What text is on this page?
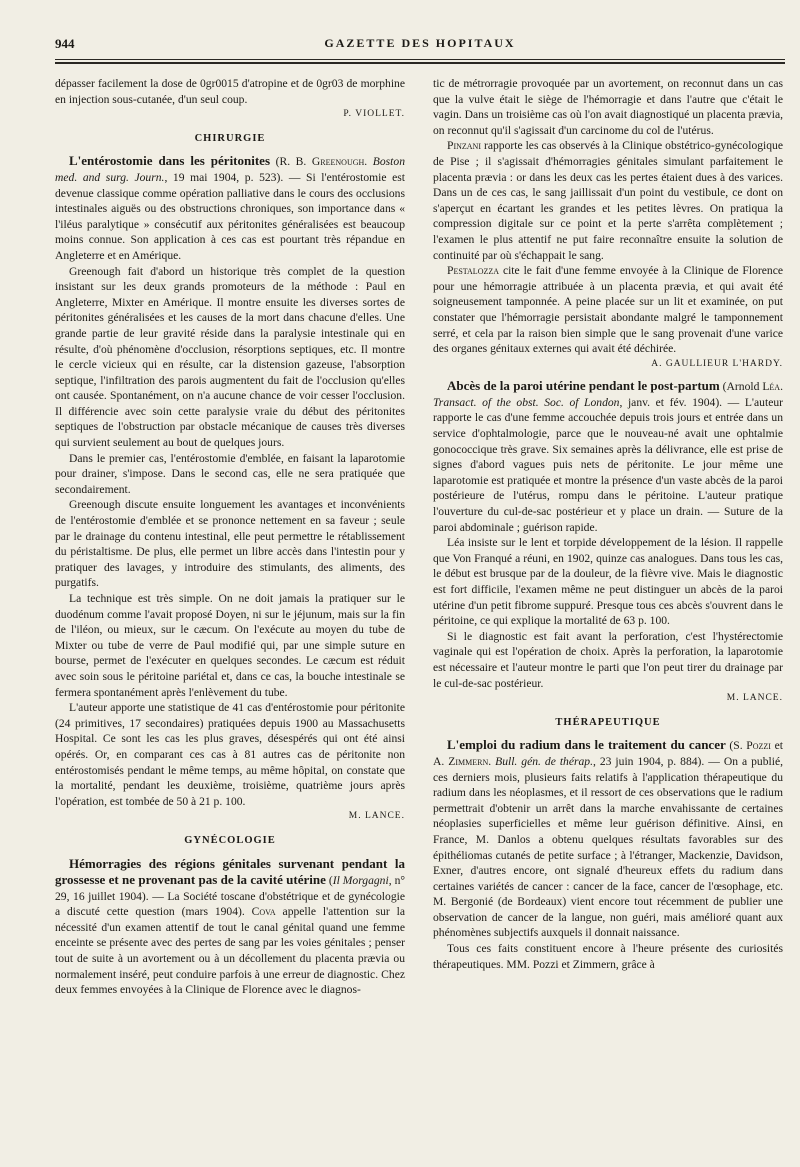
944	GAZETTE DES HOPITAUX

dépasser facilement la dose de 0gr0015 d'atropine et de 0gr03 de morphine en injection sous-cutanée, d'un seul coup.

P. VIOLLET.

CHIRURGIE

L'entérostomie dans les péritonites (R. B. Greenough. Boston med. and surg. Journ., 19 mai 1904, p. 523). — Si l'entérostomie est devenue classique comme opération palliative dans le cours des occlusions intestinales aiguës ou des obstructions chroniques, son importance dans « l'iléus paralytique » consécutif aux péritonites généralisées est beaucoup moins connue. Son application à ces cas est pourtant très répandue en Angleterre et en Amérique.

Greenough fait d'abord un historique très complet de la question insistant sur les deux grands promoteurs de la méthode : Paul en Angleterre, Mixter en Amérique. Il montre ensuite les diverses sortes de péritonites généralisées et les causes de la mort dans chacune d'elles. Une grande partie de leur gravité réside dans la paralysie intestinale qui en résulte, d'où phénomène d'occlusion, résorptions septiques, etc. Il montre le cercle vicieux qui en résulte, car la distension gazeuse, l'absorption septique, l'infiltration des parois augmentent du fait de l'occlusion qu'elles ont causée. Spontanément, on n'a aucune chance de voir cesser l'occlusion. Il différencie avec soin cette paralysie vraie du début des péritonites septiques de l'obstruction par obstacle mécanique de causes très diverses qui survient seulement au bout de quelques jours.

Dans le premier cas, l'entérostomie d'emblée, en faisant la laparotomie pour drainer, s'impose. Dans le second cas, elle ne sera pratiquée que secondairement.

Greenough discute ensuite longuement les avantages et inconvénients de l'entérostomie d'emblée et se prononce nettement en sa faveur ; seule par le drainage du contenu intestinal, elle peut permettre le rétablissement du péristaltisme. De plus, elle permet un libre accès dans l'intestin pour y pratiquer des lavages, y introduire des stimulants, des aliments, des purgatifs.

La technique est très simple. On ne doit jamais la pratiquer sur le duodénum comme l'avait proposé Doyen, ni sur le jéjunum, mais sur la fin de l'iléon, ou mieux, sur le cæcum. On l'exécute au moyen du tube de Mixter ou tube de verre de Paul modifié qui, par une simple suture en bourse, permet de l'exécuter en quelques secondes. Le cæcum est réduit avec soin sous le péritoine pariétal et, dans ce cas, la bouche intestinale se fermera spontanément après l'enlèvement du tube.

L'auteur apporte une statistique de 41 cas d'entérostomie pour péritonite (24 primitives, 17 secondaires) pratiquées depuis 1900 au Massachusetts Hospital. Ce sont les cas les plus graves, désespérés qui ont été ainsi opérés. Or, en comparant ces cas à 81 autres cas de péritonite non entérostomisés pendant le même temps, au même hôpital, on constate que la mortalité, pendant les deuxième, troisième, quatrième jours après l'opération, est tombée de 50 à 21 p. 100.

M. LANCE.

GYNÉCOLOGIE

Hémorragies des régions génitales survenant pendant la grossesse et ne provenant pas de la cavité utérine (Il Morgagni, n° 29, 16 juillet 1904). — La Société toscane d'obstétrique et de gynécologie a discuté cette question (mars 1904). Cova appelle l'attention sur la nécessité d'un examen attentif de tout le canal génital quand une femme enceinte se présente avec des pertes de sang par les voies génitales ; penser tout de suite à un avortement ou à un décollement du placenta prævia ou normalement inséré, peut conduire parfois à une erreur de diagnostic. Chez deux femmes envoyées à la Clinique de Florence avec le diagnos-

tic de métrorragie provoquée par un avortement, on reconnut dans un cas que la vulve était le siège de l'hémorragie et dans l'autre que c'était le vagin. Dans un troisième cas où l'on avait diagnostiqué un placenta prævia, on reconnut qu'il s'agissait d'un carcinome du col de l'utérus.

Pinzani rapporte les cas observés à la Clinique obstétrico-gynécologique de Pise ; il s'agissait d'hémorragies génitales simulant parfaitement le placenta prævia : or dans les deux cas les pertes étaient dues à des varices. Dans un de ces cas, le sang jaillissait d'un point du vestibule, ce dont on s'aperçut en écartant les grandes et les petites lèvres. On pratiqua la compression digitale sur ce point et la perte s'arrêta complètement ; l'examen le plus attentif ne put faire reconnaître ensuite la solution de continuité par où s'échappait le sang.

Pestalozza cite le fait d'une femme envoyée à la Clinique de Florence pour une hémorragie attribuée à un placenta prævia, et qui avait été soigneusement tamponnée. A peine placée sur un lit et examinée, on put constater que l'hémorragie persistait abondante malgré le tamponnement serré, et cela par la raison bien simple que le sang provenait d'une varice des organes génitaux externes qui avait été déchirée.

A. GAULLIEUR L'HARDY.

Abcès de la paroi utérine pendant le post-partum (Arnold Léa. Transact. of the obst. Soc. of London, janv. et fév. 1904). — L'auteur rapporte le cas d'une femme accouchée depuis trois jours et entrée dans un service d'ophtalmologie, parce que le nouveau-né avait une ophtalmie gonococcique très grave. Six semaines après la délivrance, elle est prise de signes d'abord vagues puis nets de péritonite. Le jour même une laparotomie est pratiquée et montre la présence d'un vaste abcès de la paroi postérieure de l'utérus, rompu dans le péritoine. L'auteur pratique l'ouverture du cul-de-sac postérieur et y place un drain. — Suture de la paroi abdominale ; guérison rapide.

Léa insiste sur le lent et torpide développement de la lésion. Il rappelle que Von Franqué a réuni, en 1902, quinze cas analogues. Dans tous les cas, le début est brusque par de la douleur, de la fièvre vive. Mais le diagnostic est fort difficile, l'examen même ne peut distinguer un abcès de la paroi utérine d'un petit fibrome suppuré. Presque tous ces abcès s'ouvrent dans le péritoine, ce qui explique la mortalité de 63 p. 100.

Si le diagnostic est fait avant la perforation, c'est l'hystérectomie vaginale qui est l'opération de choix. Après la perforation, la laparotomie est nécessaire et l'auteur montre le parti que l'on peut tirer du drainage par le cul-de-sac postérieur.

M. LANCE.

THÉRAPEUTIQUE

L'emploi du radium dans le traitement du cancer (S. Pozzi et A. Zimmern. Bull. gén. de thérap., 23 juin 1904, p. 884). — On a publié, ces derniers mois, plusieurs faits relatifs à l'application thérapeutique du radium dans les néoplasmes, et il ressort de ces observations que le radium permettrait d'obtenir un arrêt dans la marche envahissante de certaines néoplasies superficielles et même leur guérison définitive. Ainsi, en France, M. Danlos a obtenu quelques résultats favorables sur des épithéliomas cutanés de petite surface ; à l'étranger, Mackenzie, Davidson, Exner, d'autres encore, ont signalé d'heureux effets du radium dans certaines variétés de cancer : cancer de la face, cancer de l'œsophage, etc. M. Bergonié (de Bordeaux) vient encore tout récemment de publier une observation de cancer de la langue, non guéri, mais amélioré quant aux phénomènes subjectifs auxquels il donnait naissance.

Tous ces faits constituent encore à l'heure présente des curiosités thérapeutiques. MM. Pozzi et Zimmern, grâce à
